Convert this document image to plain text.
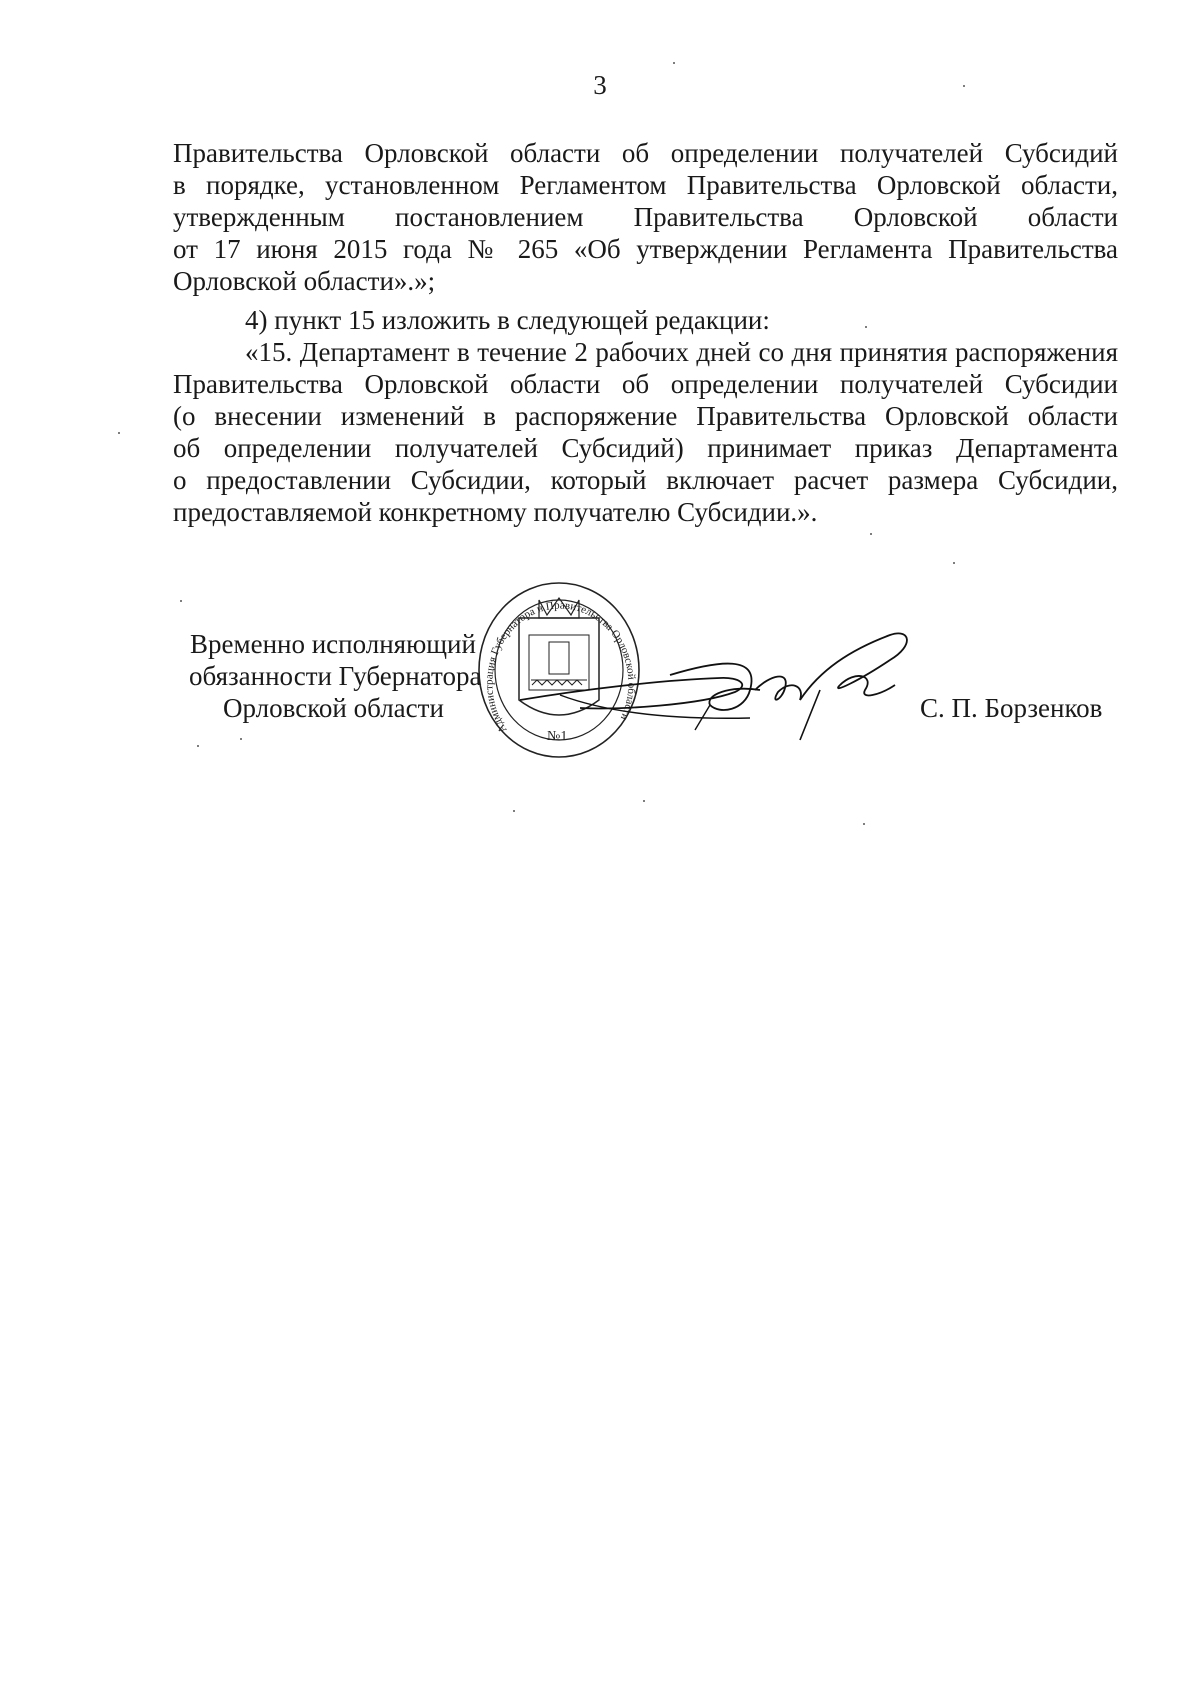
3
Правительства Орловской области об определении получателей Субсидий
в порядке, установленном Регламентом Правительства Орловской области,
утвержденным постановлением Правительства Орловской области
от 17 июня 2015 года № 265 «Об утверждении Регламента Правительства
Орловской области».»;
4) пункт 15 изложить в следующей редакции:
«15. Департамент в течение 2 рабочих дней со дня принятия распоряжения
Правительства Орловской области об определении получателей Субсидии
(о внесении изменений в распоряжение Правительства Орловской области
об определении получателей Субсидий) принимает приказ Департамента
о предоставлении Субсидии, который включает расчет размера Субсидии,
предоставляемой конкретному получателю Субсидии.».
Временно исполняющий
обязанности Губернатора
Орловской области	С. П. Борзенков
Администрация Губернатора и Правительства Орловской области
№1
